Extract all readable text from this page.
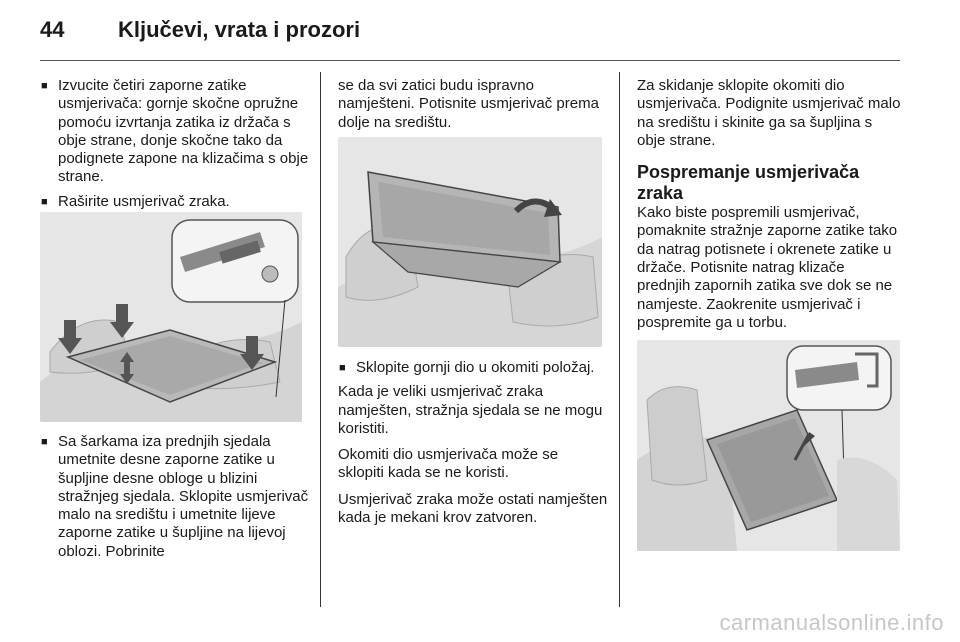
44 Ključevi, vrata i prozori
■ Izvucite četiri zaporne zatike usmjerivača: gornje skočne opružne pomoću izvrtanja zatika iz držača s obje strane, donje skočne tako da podignete zapone na klizačima s obje strane.
■ Raširite usmjerivač zraka.
■ Sa šarkama iza prednjih sjedala umetnite desne zaporne zatike u šupljine desne obloge u blizini stražnjeg sjedala. Sklopite usmjerivač malo na središtu i umetnite lijeve zaporne zatike u šupljine na lijevoj oblozi. Pobrinite
se da svi zatici budu ispravno namješteni. Potisnite usmjerivač prema dolje na središtu.
■ Sklopite gornji dio u okomiti položaj.
Kada je veliki usmjerivač zraka namješten, stražnja sjedala se ne mogu koristiti.
Okomiti dio usmjerivača može se sklopiti kada se ne koristi.
Usmjerivač zraka može ostati namješten kada je mekani krov zatvoren.
Za skidanje sklopite okomiti dio usmjerivača. Podignite usmjerivač malo na središtu i skinite ga sa šupljina s obje strane.
Pospremanje usmjerivača zraka
Kako biste pospremili usmjerivač, pomaknite stražnje zaporne zatike tako da natrag potisnete i okrenete zatike u držače. Potisnite natrag klizače prednjih zapornih zatika sve dok se ne namjeste. Zaokrenite usmjerivač i pospremite ga u torbu.
carmanualsonline.info
